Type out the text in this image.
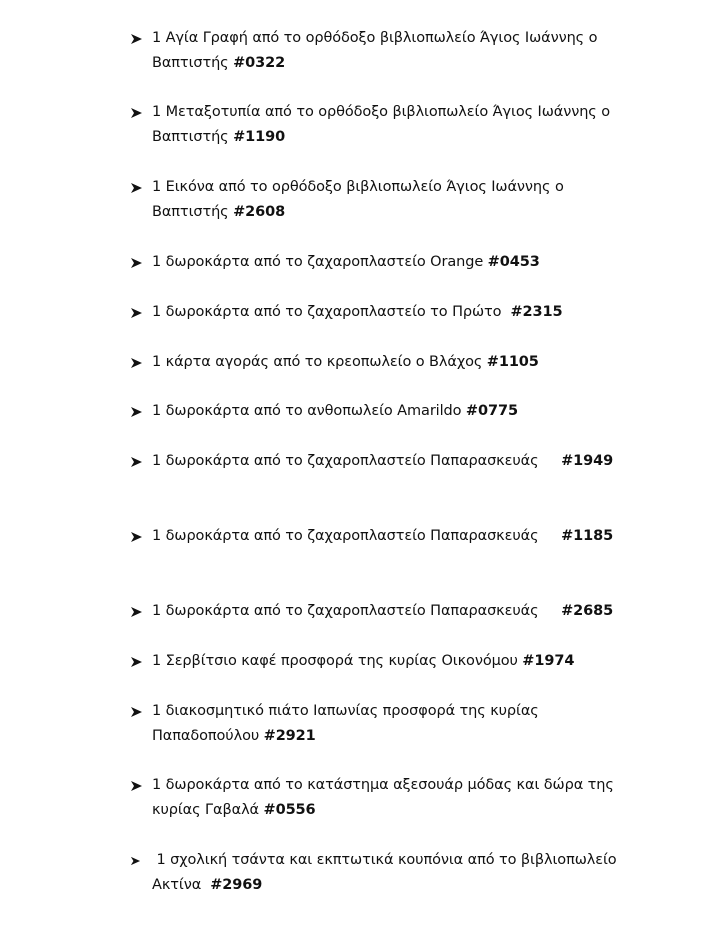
1 Αγία Γραφή από το ορθόδοξο βιβλιοπωλείο Άγιος Ιωάννης ο Βαπτιστής #0322
1 Μεταξοτυπία από το ορθόδοξο βιβλιοπωλείο Άγιος Ιωάννης ο Βαπτιστής #1190
1 Εικόνα από το ορθόδοξο βιβλιοπωλείο Άγιος Ιωάννης ο Βαπτιστής #2608
1 δωροκάρτα από το ζαχαροπλαστείο Orange #0453
1 δωροκάρτα από το ζαχαροπλαστείο το Πρώτο  #2315
1 κάρτα αγοράς από το κρεοπωλείο ο Βλάχος #1105
1 δωροκάρτα από το ανθοπωλείο Amarildo #0775
1 δωροκάρτα από το ζαχαροπλαστείο Παπαρασκευάς     #1949
1 δωροκάρτα από το ζαχαροπλαστείο Παπαρασκευάς     #1185
1 δωροκάρτα από το ζαχαροπλαστείο Παπαρασκευάς     #2685
1 Σερβίτσιο καφέ προσφορά της κυρίας Οικονόμου #1974
1 διακοσμητικό πιάτο Ιαπωνίας προσφορά της κυρίας Παπαδοπούλου #2921
1 δωροκάρτα από το κατάστημα αξεσουάρ μόδας και δώρα της κυρίας Γαβαλά #0556
1 σχολική τσάντα και εκπτωτικά κουπόνια από το βιβλιοπωλείο Ακτίνα  #2969
